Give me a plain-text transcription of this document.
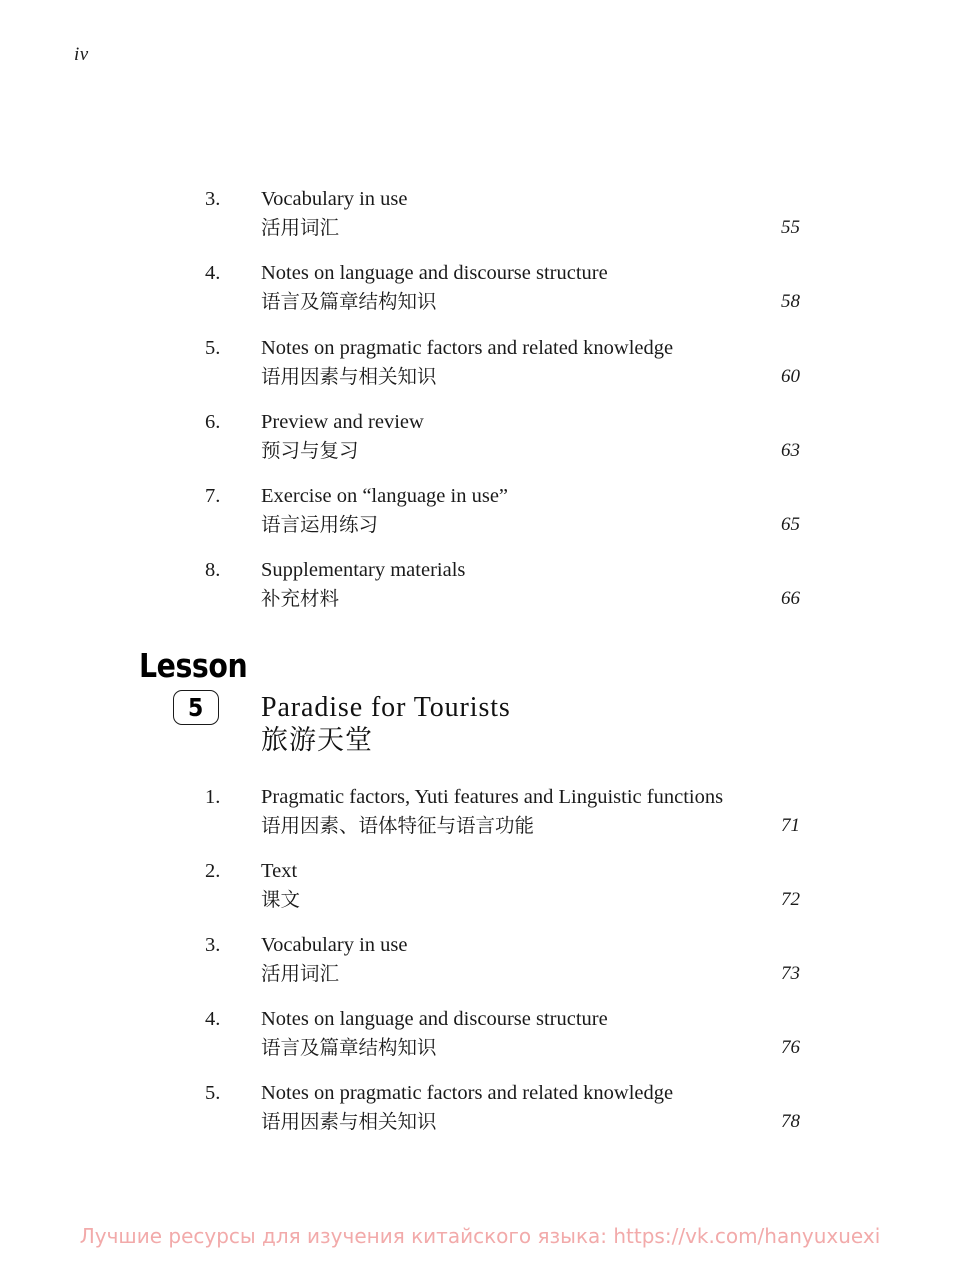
iv
3.	Vocabulary in use
活用词汇	55
4.	Notes on language and discourse structure
语言及篇章结构知识	58
5.	Notes on pragmatic factors and related knowledge
语用因素与相关知识	60
6.	Preview and review
预习与复习	63
7.	Exercise on “language in use”
语言运用练习	65
8.	Supplementary materials
补充材料	66
Lesson
5 Paradise for Tourists
旅游天堂
1.	Pragmatic factors, Yuti features and Linguistic functions
语用因素、语体特征与语言功能	71
2.	Text
课文	72
3.	Vocabulary in use
活用词汇	73
4.	Notes on language and discourse structure
语言及篇章结构知识	76
5.	Notes on pragmatic factors and related knowledge
语用因素与相关知识	78
Лучшие ресурсы для изучения китайского языка: https://vk.com/hanyuxuexi
